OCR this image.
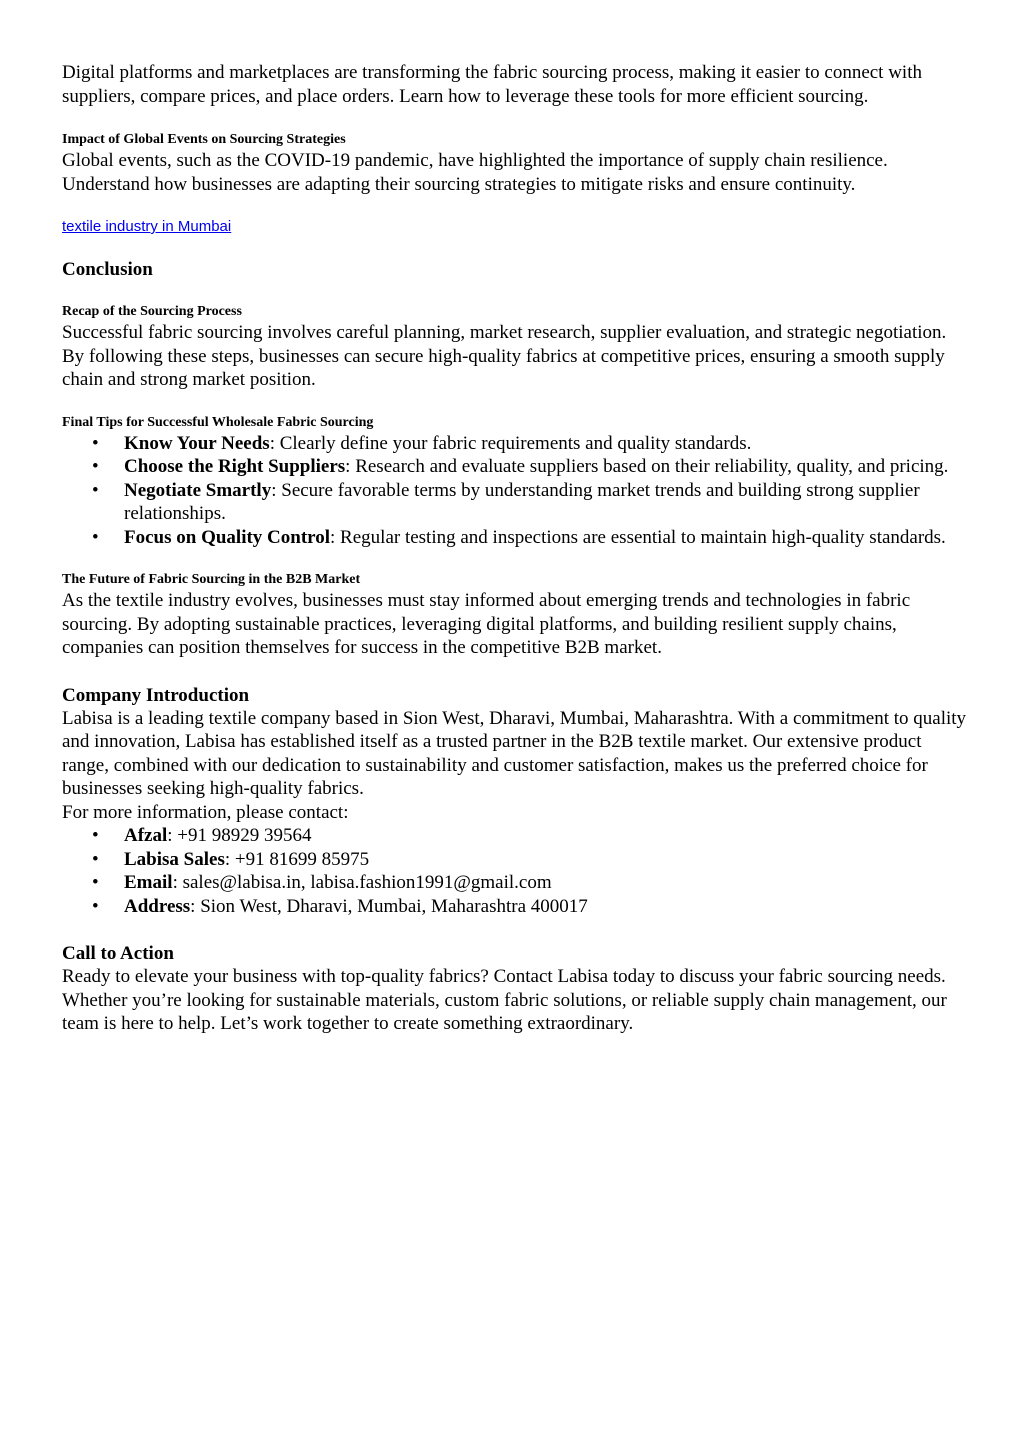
Digital platforms and marketplaces are transforming the fabric sourcing process, making it easier to connect with suppliers, compare prices, and place orders. Learn how to leverage these tools for more efficient sourcing.

Impact of Global Events on Sourcing Strategies

Global events, such as the COVID-19 pandemic, have highlighted the importance of supply chain resilience. Understand how businesses are adapting their sourcing strategies to mitigate risks and ensure continuity.

textile industry in Mumbai

Conclusion

Recap of the Sourcing Process

Successful fabric sourcing involves careful planning, market research, supplier evaluation, and strategic negotiation. By following these steps, businesses can secure high-quality fabrics at competitive prices, ensuring a smooth supply chain and strong market position.

Final Tips for Successful Wholesale Fabric Sourcing

• Know Your Needs: Clearly define your fabric requirements and quality standards.
• Choose the Right Suppliers: Research and evaluate suppliers based on their reliability, quality, and pricing.
• Negotiate Smartly: Secure favorable terms by understanding market trends and building strong supplier relationships.
• Focus on Quality Control: Regular testing and inspections are essential to maintain high-quality standards.

The Future of Fabric Sourcing in the B2B Market

As the textile industry evolves, businesses must stay informed about emerging trends and technologies in fabric sourcing. By adopting sustainable practices, leveraging digital platforms, and building resilient supply chains, companies can position themselves for success in the competitive B2B market.

Company Introduction

Labisa is a leading textile company based in Sion West, Dharavi, Mumbai, Maharashtra. With a commitment to quality and innovation, Labisa has established itself as a trusted partner in the B2B textile market. Our extensive product range, combined with our dedication to sustainability and customer satisfaction, makes us the preferred choice for businesses seeking high-quality fabrics.

For more information, please contact:

• Afzal: +91 98929 39564
• Labisa Sales: +91 81699 85975
• Email: sales@labisa.in, labisa.fashion1991@gmail.com
• Address: Sion West, Dharavi, Mumbai, Maharashtra 400017

Call to Action

Ready to elevate your business with top-quality fabrics? Contact Labisa today to discuss your fabric sourcing needs. Whether you’re looking for sustainable materials, custom fabric solutions, or reliable supply chain management, our team is here to help. Let’s work together to create something extraordinary.
